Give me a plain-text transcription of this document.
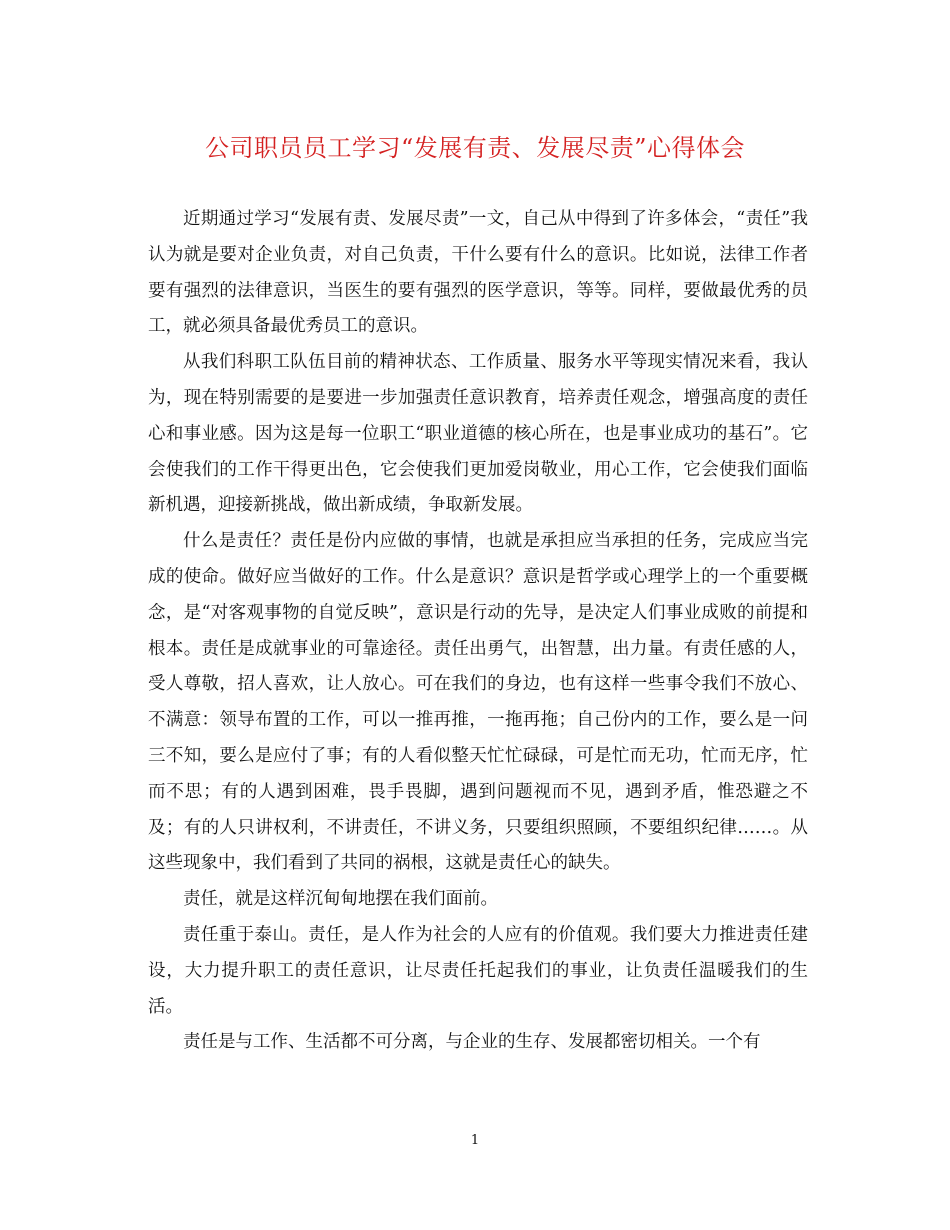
公司职员员工学习“发展有责、发展尽责”心得体会

近期通过学习“发展有责、发展尽责”一文，自己从中得到了许多体会，“责任”我认为就是要对企业负责，对自己负责，干什么要有什么的意识。比如说，法律工作者要有强烈的法律意识，当医生的要有强烈的医学意识，等等。同样，要做最优秀的员工，就必须具备最优秀员工的意识。

从我们科职工队伍目前的精神状态、工作质量、服务水平等现实情况来看，我认为，现在特别需要的是要进一步加强责任意识教育，培养责任观念，增强高度的责任心和事业感。因为这是每一位职工“职业道德的核心所在，也是事业成功的基石”。它会使我们的工作干得更出色，它会使我们更加爱岗敬业，用心工作，它会使我们面临新机遇，迎接新挑战，做出新成绩，争取新发展。

什么是责任？责任是份内应做的事情，也就是承担应当承担的任务，完成应当完成的使命。做好应当做好的工作。什么是意识？意识是哲学或心理学上的一个重要概念，是“对客观事物的自觉反映”，意识是行动的先导，是决定人们事业成败的前提和根本。责任是成就事业的可靠途径。责任出勇气，出智慧，出力量。有责任感的人，受人尊敬，招人喜欢，让人放心。可在我们的身边，也有这样一些事令我们不放心、不满意：领导布置的工作，可以一推再推，一拖再拖；自己份内的工作，要么是一问三不知，要么是应付了事；有的人看似整天忙忙碌碌，可是忙而无功，忙而无序，忙而不思；有的人遇到困难，畏手畏脚，遇到问题视而不见，遇到矛盾，惟恐避之不及；有的人只讲权利，不讲责任，不讲义务，只要组织照顾，不要组织纪律……。从这些现象中，我们看到了共同的祸根，这就是责任心的缺失。

责任，就是这样沉甸甸地摆在我们面前。

责任重于泰山。责任，是人作为社会的人应有的价值观。我们要大力推进责任建设，大力提升职工的责任意识，让尽责任托起我们的事业，让负责任温暖我们的生活。

责任是与工作、生活都不可分离，与企业的生存、发展都密切相关。一个有

1
